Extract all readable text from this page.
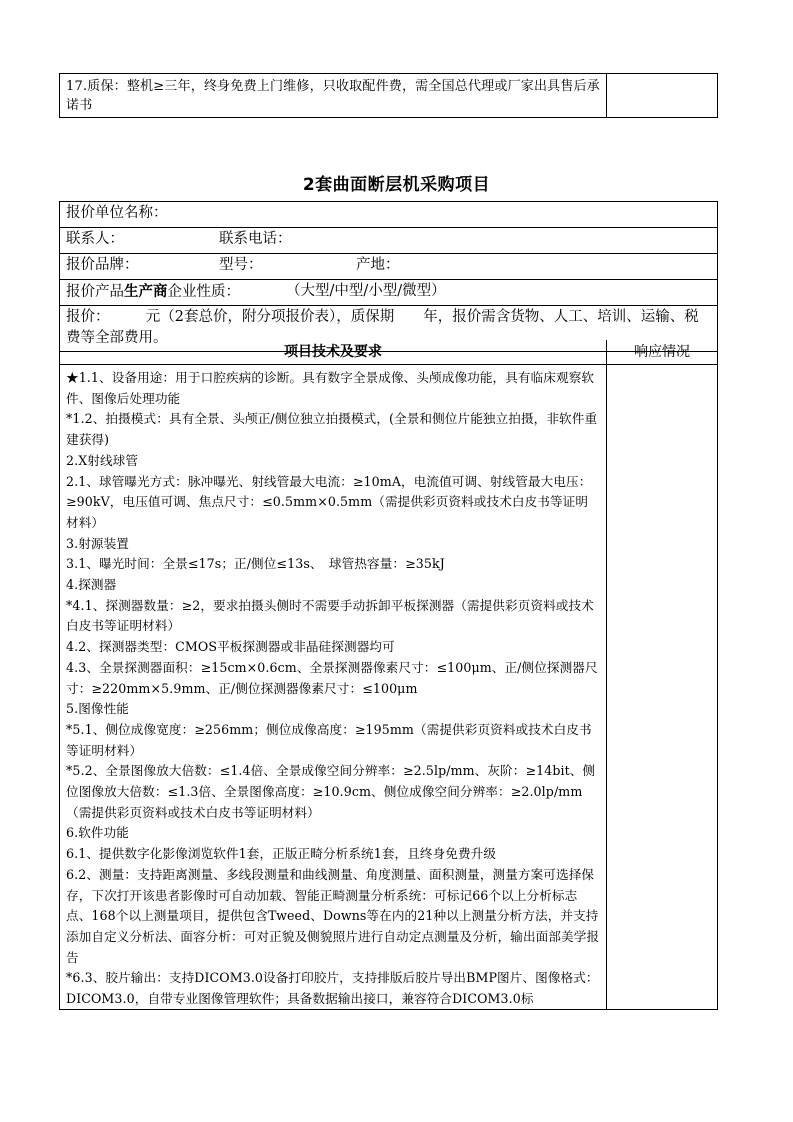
17.质保：整机≥三年，终身免费上门维修，只收取配件费，需全国总代理或厂家出具售后承诺书
2套曲面断层机采购项目
报价单位名称：
联系人：	联系电话：
报价品牌：	型号：	产地：
报价产品生产商企业性质：	（大型/中型/小型/微型）
报价：　　　元（2套总价，附分项报价表），质保期　　年，报价需含货物、人工、培训、运输、税费等全部费用。
项目技术及要求	响应情况

★1.1、设备用途：用于口腔疾病的诊断。具有数字全景成像、头颅成像功能，具有临床观察软件、图像后处理功能

*1.2、拍摄模式：具有全景、头颅正/侧位独立拍摄模式，(全景和侧位片能独立拍摄，非软件重建获得)

2.X射线球管

2.1、球管曝光方式：脉冲曝光、射线管最大电流：≥10mA，电流值可调、射线管最大电压：≥90kV，电压值可调、焦点尺寸：≤0.5mm×0.5mm（需提供彩页资料或技术白皮书等证明材料）

3.射源装置

3.1、曝光时间：全景≤17s；正/侧位≤13s、　球管热容量：≥35kJ

4.探测器

*4.1、探测器数量：≥2，要求拍摄头侧时不需要手动拆卸平板探测器（需提供彩页资料或技术白皮书等证明材料）

4.2、探测器类型：CMOS平板探测器或非晶硅探测器均可

4.3、全景探测器面积：≥15cm×0.6cm、全景探测器像素尺寸：≤100μm、正/侧位探测器尺寸：≥220mm×5.9mm、正/侧位探测器像素尺寸：≤100μm

5.图像性能

*5.1、侧位成像宽度：≥256mm；侧位成像高度：≥195mm（需提供彩页资料或技术白皮书等证明材料）

*5.2、全景图像放大倍数：≤1.4倍、全景成像空间分辨率：≥2.5lp/mm、灰阶：≥14bit、侧位图像放大倍数：≤1.3倍、全景图像高度：≥10.9cm、侧位成像空间分辨率：≥2.0lp/mm（需提供彩页资料或技术白皮书等证明材料）

6.软件功能

6.1、提供数字化影像浏览软件1套，正版正畸分析系统1套，且终身免费升级

6.2、测量：支持距离测量、多线段测量和曲线测量、角度测量、面积测量，测量方案可选择保存，下次打开该患者影像时可自动加载、智能正畸测量分析系统：可标记66个以上分析标志点、168个以上测量项目，提供包含Tweed、Downs等在内的21种以上测量分析方法，并支持添加自定义分析法、面容分析：可对正貌及侧貌照片进行自动定点测量及分析，输出面部美学报告

*6.3、胶片输出：支持DICOM3.0设备打印胶片，支持排版后胶片导出BMP图片、图像格式：DICOM3.0，自带专业图像管理软件；具备数据输出接口，兼容符合DICOM3.0标
